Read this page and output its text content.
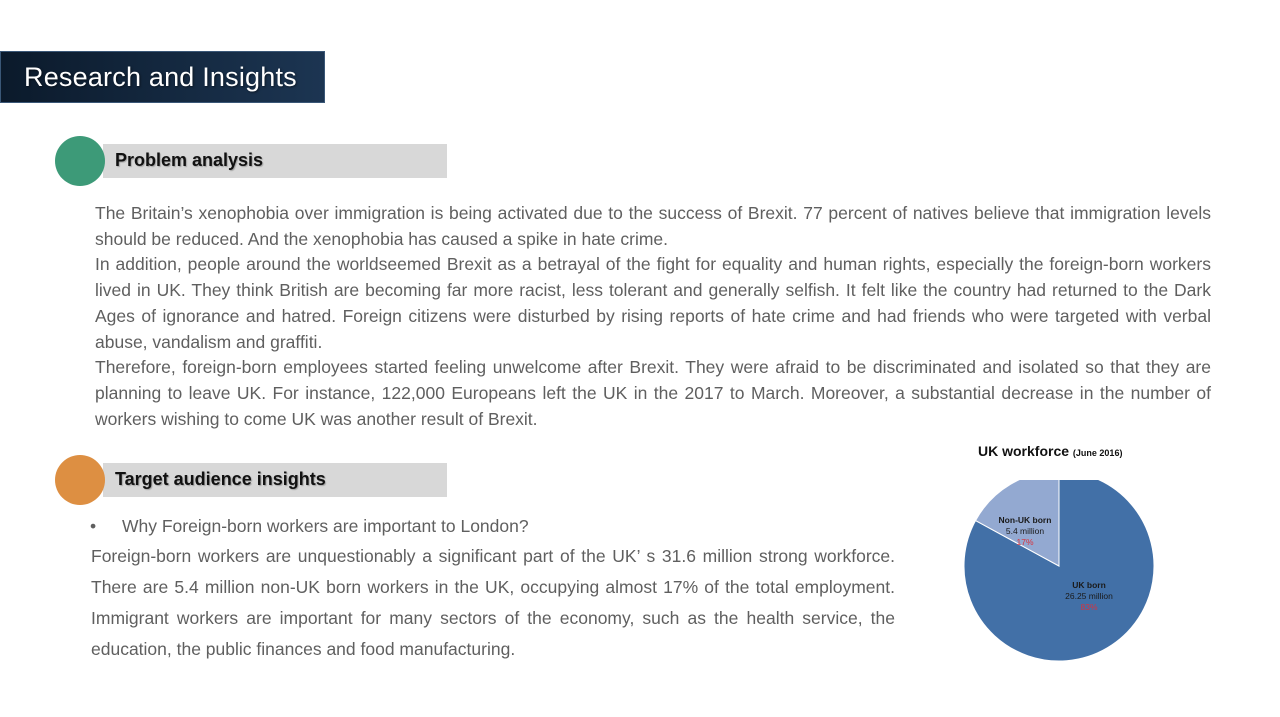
Research and Insights
Problem analysis

The Britain’s xenophobia over immigration is being activated due to the success of Brexit. 77 percent of natives believe that immigration levels should be reduced. And the xenophobia has caused a spike in hate crime.

In addition, people around the worldseemed Brexit as a betrayal of the fight for equality and human rights, especially the foreign-born workers lived in UK. They think British are becoming far more racist, less tolerant and generally selfish. It felt like the country had returned to the Dark Ages of ignorance and hatred. Foreign citizens were disturbed by rising reports of hate crime and had friends who were targeted with verbal abuse, vandalism and graffiti.

Therefore, foreign-born employees started feeling unwelcome after Brexit. They were afraid to be discriminated and isolated so that they are planning to leave UK. For instance, 122,000 Europeans left the UK in the 2017 to March. Moreover, a substantial decrease in the number of workers wishing to come UK was another result of Brexit.

Target audience insights
• Why Foreign-born workers are important to London?

Foreign-born workers are unquestionably a significant part of the UK’ s 31.6 million strong workforce. There are 5.4 million non-UK born workers in the UK, occupying almost 17% of the total employment. Immigrant workers are important for many sectors of the economy, such as the health service, the education, the public finances and food manufacturing.

UK workforce (June 2016)
UK born
26.25 million
83%
Non-UK born
5.4 million
17%
